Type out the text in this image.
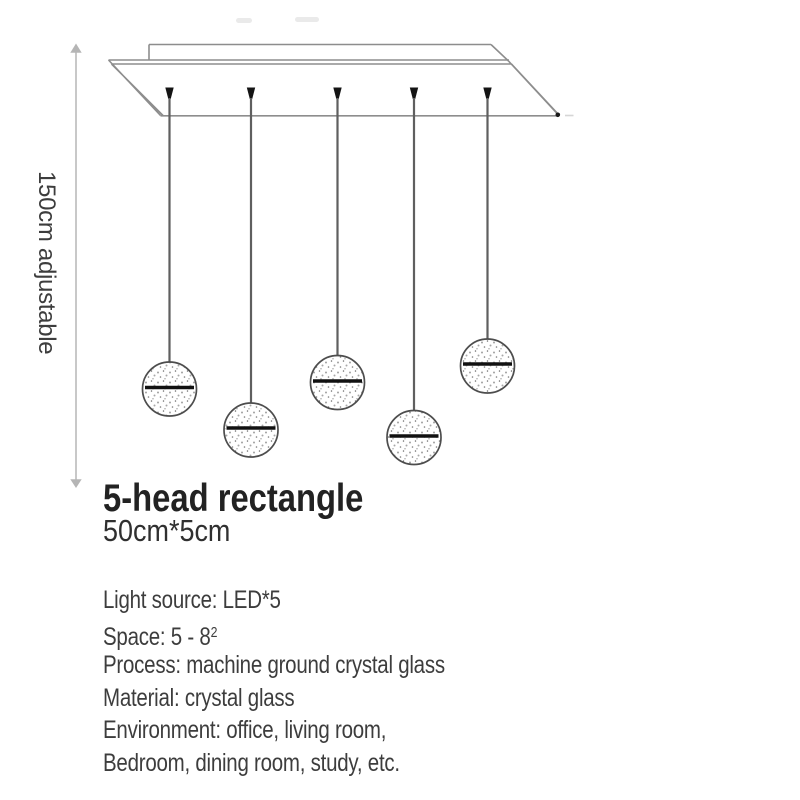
150cm adjustable
5-head rectangle
50cm*5cm
Light source: LED*5
Space: $5 - 8^2$
Process: machine ground crystal glass
Material: crystal glass
Environment: office, living room,
Bedroom, dining room, study, etc.
